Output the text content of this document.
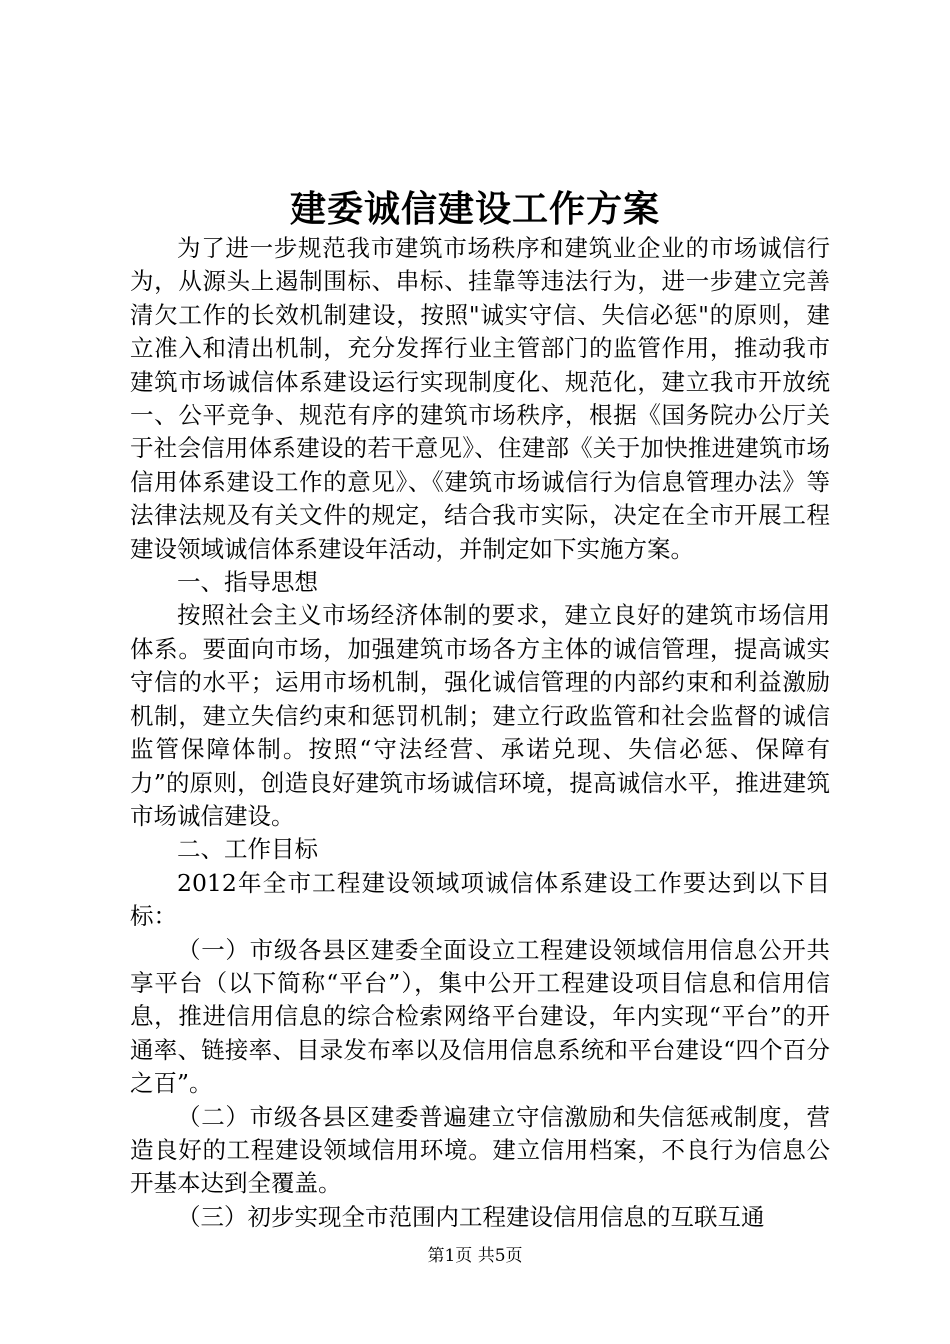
建委诚信建设工作方案

为了进一步规范我市建筑市场秩序和建筑业企业的市场诚信行为，从源头上遏制围标、串标、挂靠等违法行为，进一步建立完善清欠工作的长效机制建设，按照"诚实守信、失信必惩"的原则，建立准入和清出机制，充分发挥行业主管部门的监管作用，推动我市建筑市场诚信体系建设运行实现制度化、规范化，建立我市开放统一、公平竞争、规范有序的建筑市场秩序，根据《国务院办公厅关于社会信用体系建设的若干意见》、住建部《关于加快推进建筑市场信用体系建设工作的意见》、《建筑市场诚信行为信息管理办法》等法律法规及有关文件的规定，结合我市实际，决定在全市开展工程建设领域诚信体系建设年活动，并制定如下实施方案。

一、指导思想

按照社会主义市场经济体制的要求，建立良好的建筑市场信用体系。要面向市场，加强建筑市场各方主体的诚信管理，提高诚实守信的水平；运用市场机制，强化诚信管理的内部约束和利益激励机制，建立失信约束和惩罚机制；建立行政监管和社会监督的诚信监管保障体制。按照“守法经营、承诺兑现、失信必惩、保障有力”的原则，创造良好建筑市场诚信环境，提高诚信水平，推进建筑市场诚信建设。

二、工作目标

2012年全市工程建设领域项诚信体系建设工作要达到以下目标：

（一）市级各县区建委全面设立工程建设领域信用信息公开共享平台（以下简称“平台”），集中公开工程建设项目信息和信用信息，推进信用信息的综合检索网络平台建设，年内实现“平台”的开通率、链接率、目录发布率以及信用信息系统和平台建设“四个百分之百”。

（二）市级各县区建委普遍建立守信激励和失信惩戒制度，营造良好的工程建设领域信用环境。建立信用档案，不良行为信息公开基本达到全覆盖。

（三）初步实现全市范围内工程建设信用信息的互联互通

第1页 共5页
